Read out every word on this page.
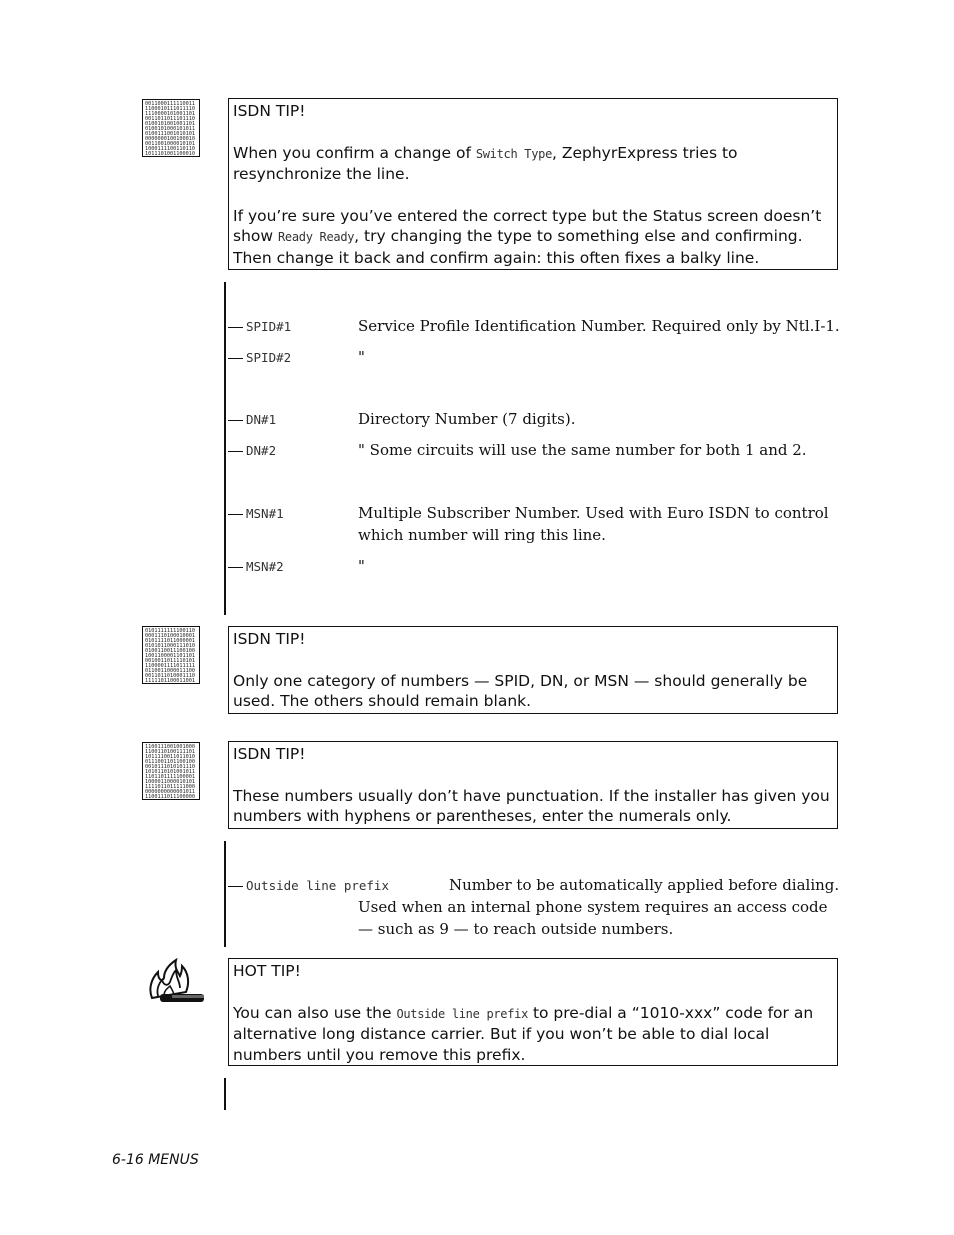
0011000111110011
1100010111011110
1110000101001101
0011011011101110
0100101001001101
0100101000101011
0100111001010101
0000000100100010
0011001000010101
1000111100110110
1011101001100010

ISDN TIP!

When you confirm a change of Switch Type, ZephyrExpress tries to resynchronize the line.

If you’re sure you’ve entered the correct type but the Status screen doesn’t show Ready Ready, try changing the type to something else and confirming. Then change it back and confirm again: this often fixes a balky line.

SPID#1	Service Profile Identification Number. Required only by Ntl.I-1.
SPID#2	"
DN#1	Directory Number (7 digits).
DN#2	" Some circuits will use the same number for both 1 and 2.
MSN#1	Multiple Subscriber Number. Used with Euro ISDN to control which number will ring this line.
MSN#2	"
0101111111100110
0001110100010001
0101111011000001
0101011000111010
0100110011100100
1001100001101101
0010011011110101
1100001111011111
0110011000011100
0011011010001110
1111101100011001

ISDN TIP!

Only one category of numbers — SPID, DN, or MSN — should generally be used. The others should remain blank.

1100111001001000
1100110100111101
1011110011011010
0111001101100100
0010111010101110
1010110101001011
1101101111100001
1000011000010101
1111011011111000
0000000000001011
1100111011100000

ISDN TIP!

These numbers usually don’t have punctuation. If the installer has given you numbers with hyphens or parentheses, enter the numerals only.

Outside line prefix	Number to be automatically applied before dialing.
Used when an internal phone system requires an access code — such as 9 — to reach outside numbers.

HOT TIP!

You can also use the Outside line prefix to pre-dial a “1010-xxx” code for an alternative long distance carrier. But if you won’t be able to dial local numbers until you remove this prefix.

6-16 MENUS
